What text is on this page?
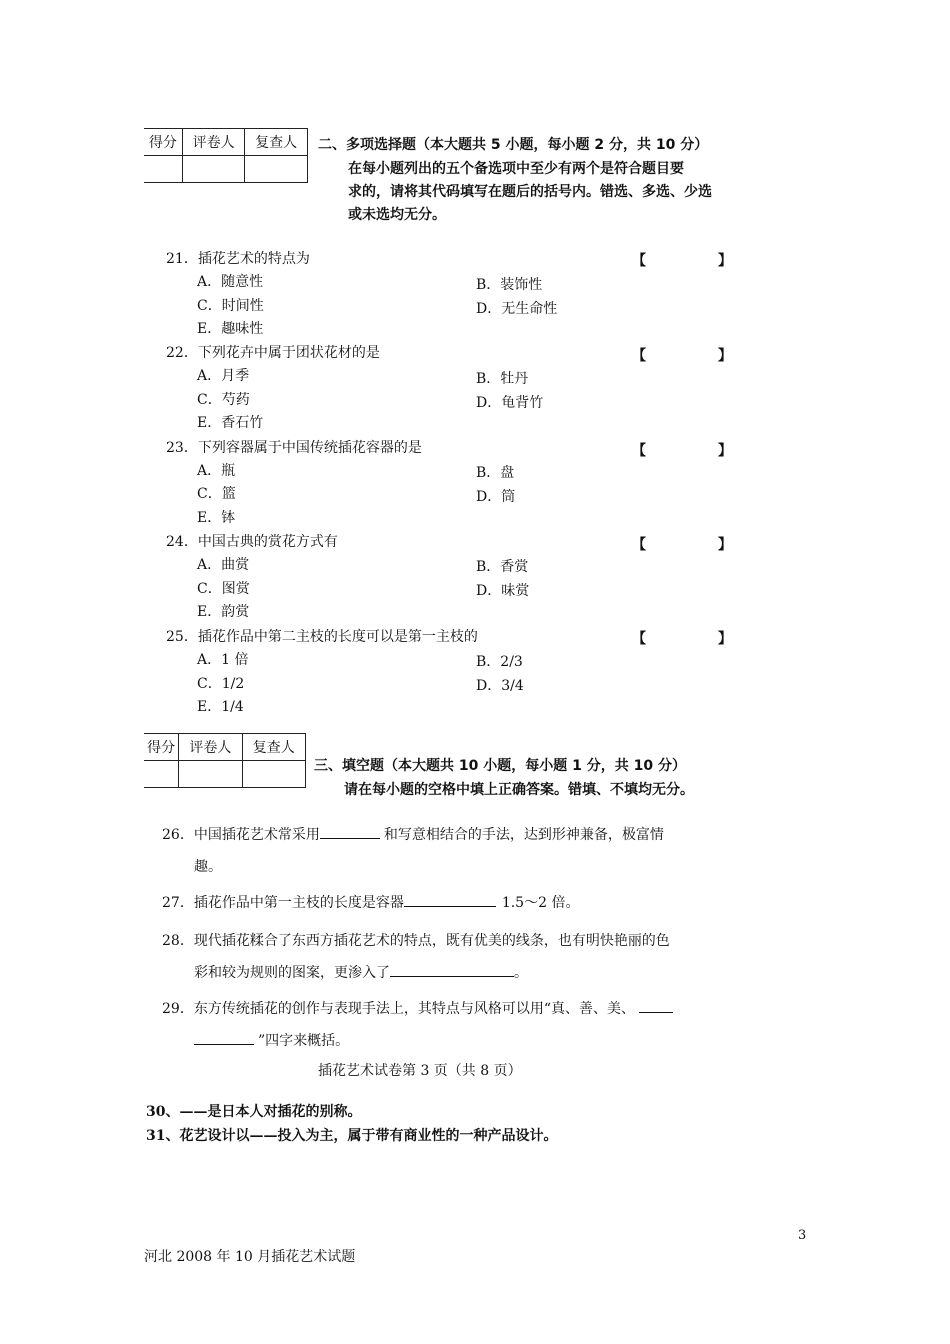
得分	评卷人	复查人
		二、多项选择题（本大题共 5 小题，每小题 2 分，共 10 分）
在每小题列出的五个备选项中至少有两个是符合题目要
求的，请将其代码填写在题后的括号内。错选、多选、少选
或未选均无分。
21．插花艺术的特点为	【	】
A．随意性	B．装饰性
C．时间性	D．无生命性
E．趣味性
22．下列花卉中属于团状花材的是	【	】
A．月季	B．牡丹
C．芍药	D．龟背竹
E．香石竹
23．下列容器属于中国传统插花容器的是	【	】
A．瓶	B．盘
C．篮	D．筒
E．钵
24．中国古典的赏花方式有	【	】
A．曲赏	B．香赏
C．图赏	D．味赏
E．韵赏
25．插花作品中第二主枝的长度可以是第一主枝的	【	】
A．1 倍	B．2/3
C．1/2	D．3/4
E．1/4
得分	评卷人	复查人

三、填空题（本大题共 10 小题，每小题 1 分，共 10 分）
请在每小题的空格中填上正确答案。错填、不填均无分。
26．中国插花艺术常采用	和写意相结合的手法，达到形神兼备，极富情
趣。
27．插花作品中第一主枝的长度是容器	1.5～2 倍。
28．现代插花糅合了东西方插花艺术的特点，既有优美的线条，也有明快艳丽的色
彩和较为规则的图案，更渗入了	。
29．东方传统插花的创作与表现手法上，其特点与风格可以用“真、善、美、
”四字来概括。
插花艺术试卷第 3 页（共 8 页）
30、——是日本人对插花的别称。
31、花艺设计以——投入为主，属于带有商业性的一种产品设计。
3
河北 2008 年 10 月插花艺术试题
